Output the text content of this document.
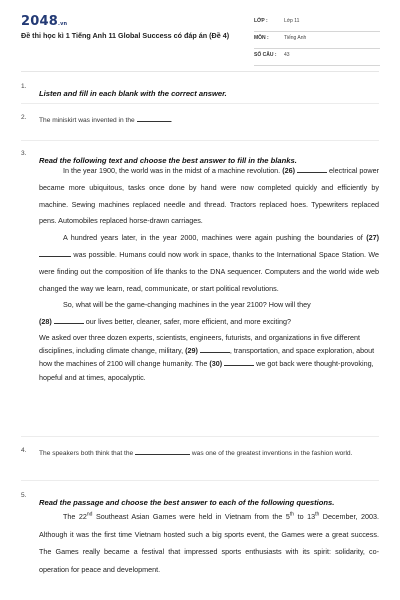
2048.vn
Đề thi học kì 1 Tiếng Anh 11 Global Success có đáp án (Đề 4)
LỚP :	Lớp 11
MÔN :	Tiếng Anh
SỐ CÂU : 43
1.
Listen and fill in each blank with the correct answer.
2. The miniskirt was invented in the	.
3.
Read the following text and choose the best answer to fill in the blanks.

In the year 1900, the world was in the midst of a machine revolution. (26)	electrical power became more ubiquitous, tasks once done by hand were now completed quickly and efficiently by machine. Sewing machines replaced needle and thread. Tractors replaced hoes. Typewriters replaced pens. Automobiles replaced horse-drawn carriages.

A hundred years later, in the year 2000, machines were again pushing the boundaries of (27)  was possible. Humans could now work in space, thanks to the International Space Station. We were finding out the composition of life thanks to the DNA sequencer. Computers and the world wide web changed the way we learn, read, communicate, or start political revolutions.

So, what will be the game-changing machines in the year 2100? How will they

(28)	our lives better, cleaner, safer, more efficient, and more exciting?

We asked over three dozen experts, scientists, engineers, futurists, and organizations in five different disciplines, including climate change, military, (29)	, transportation, and space exploration, about how the machines of 2100 will change humanity. The (30)	we got back were thought-provoking, hopeful and at times, apocalyptic.

4. The speakers both think that the	was one of the greatest inventions in the fashion world.
5.
Read the passage and choose the best answer to each of the following questions.

The 22nd Southeast Asian Games were held in Vietnam from the 5th to 13th December, 2003. Although it was the first time Vietnam hosted such a big sports event, the Games were a great success. The Games really became a festival that impressed sports enthusiasts with its spirit: solidarity, co-operation for peace and development.
